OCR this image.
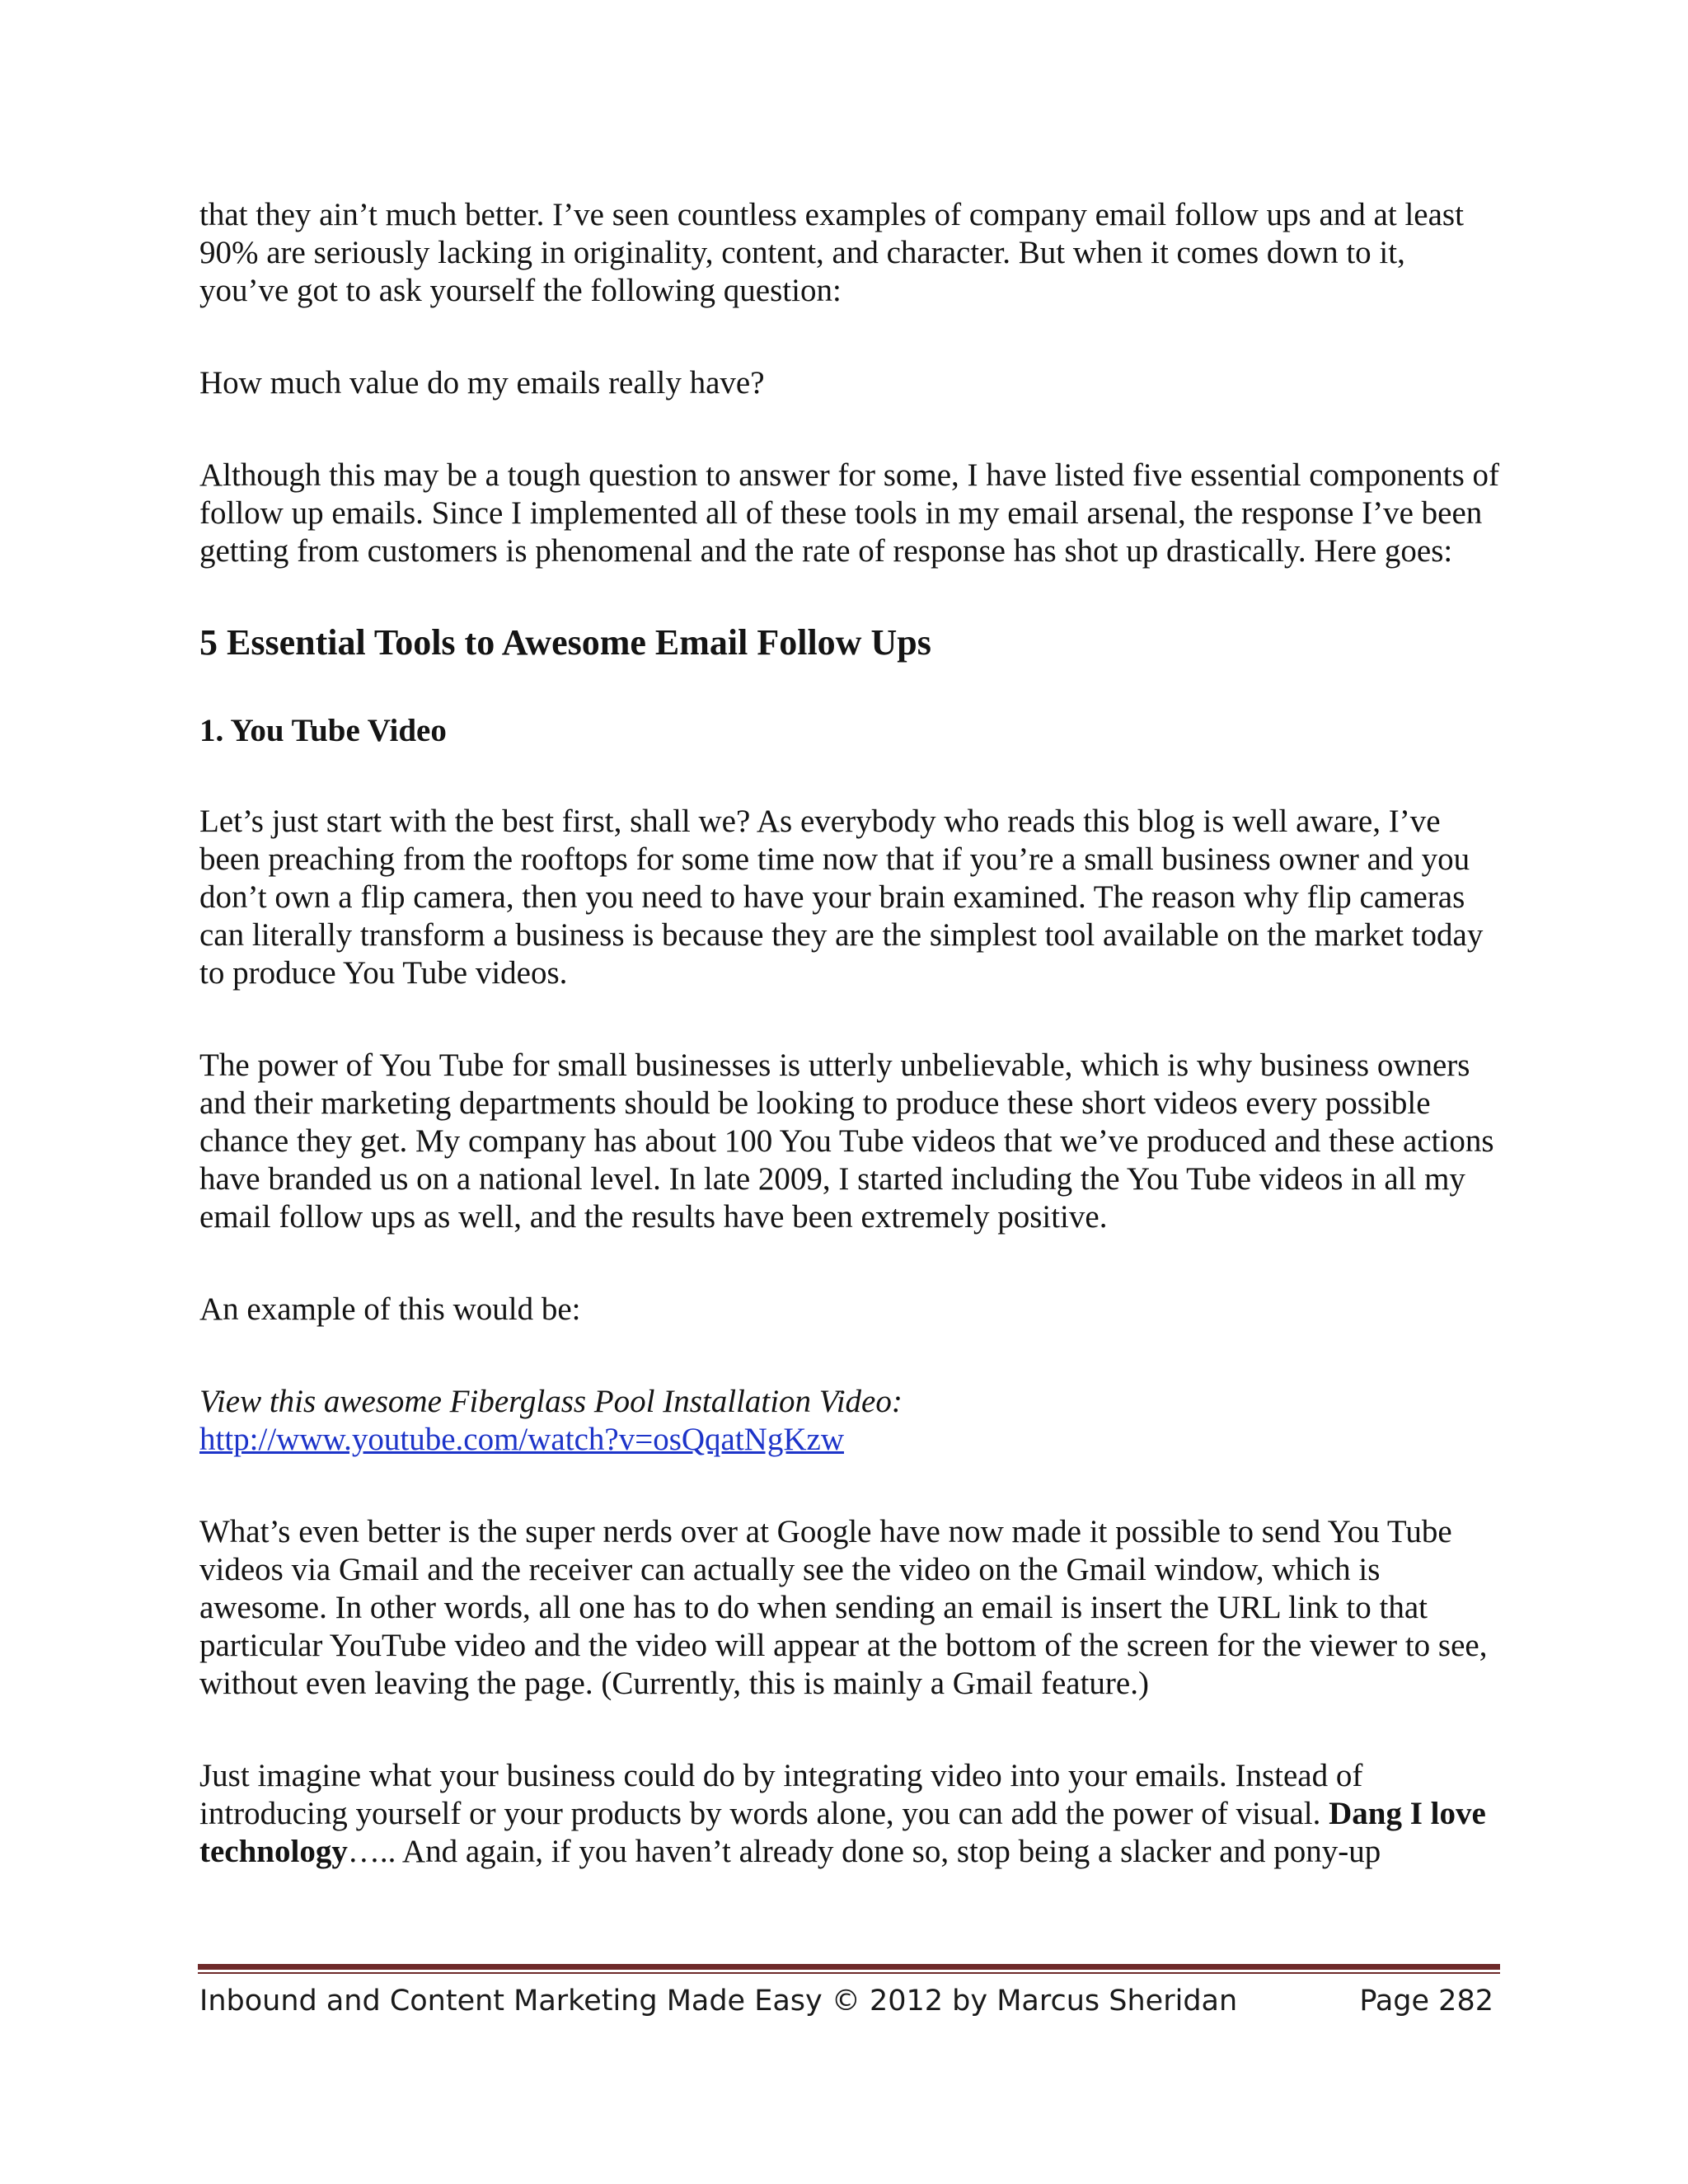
that they ain’t much better. I’ve seen countless examples of company email follow ups and at least 90% are seriously lacking in originality, content, and character. But when it comes down to it, you’ve got to ask yourself the following question:

How much value do my emails really have?

Although this may be a tough question to answer for some, I have listed five essential components of follow up emails. Since I implemented all of these tools in my email arsenal, the response I’ve been getting from customers is phenomenal and the rate of response has shot up drastically. Here goes:

5 Essential Tools to Awesome Email Follow Ups

1. You Tube Video

Let’s just start with the best first, shall we? As everybody who reads this blog is well aware, I’ve been preaching from the rooftops for some time now that if you’re a small business owner and you don’t own a flip camera, then you need to have your brain examined. The reason why flip cameras can literally transform a business is because they are the simplest tool available on the market today to produce You Tube videos.

The power of You Tube for small businesses is utterly unbelievable, which is why business owners and their marketing departments should be looking to produce these short videos every possible chance they get. My company has about 100 You Tube videos that we’ve produced and these actions have branded us on a national level. In late 2009, I started including the You Tube videos in all my email follow ups as well, and the results have been extremely positive.

An example of this would be:

View this awesome Fiberglass Pool Installation Video:

http://www.youtube.com/watch?v=osQqatNgKzw

What’s even better is the super nerds over at Google have now made it possible to send You Tube videos via Gmail and the receiver can actually see the video on the Gmail window, which is awesome. In other words, all one has to do when sending an email is insert the URL link to that particular YouTube video and the video will appear at the bottom of the screen for the viewer to see, without even leaving the page. (Currently, this is mainly a Gmail feature.)

Just imagine what your business could do by integrating video into your emails. Instead of introducing yourself or your products by words alone, you can add the power of visual. Dang I love technology….. And again, if you haven’t already done so, stop being a slacker and pony-up

Inbound and Content Marketing Made Easy © 2012 by Marcus Sheridan	Page 282
